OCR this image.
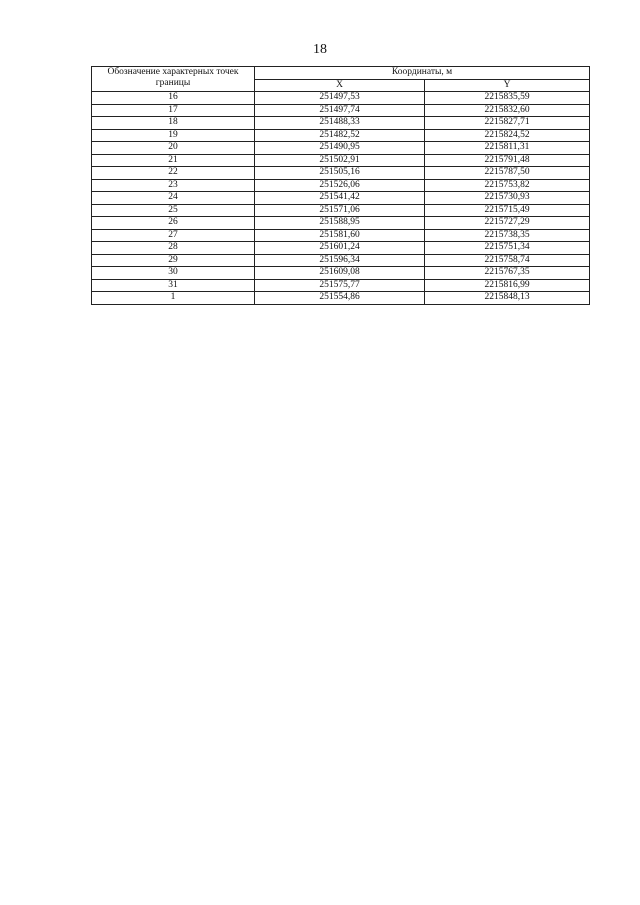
18
Обозначение характерных точек границы	Координаты, м	
	X	Y
16	251497,53	2215835,59
17	251497,74	2215832,60
18	251488,33	2215827,71
19	251482,52	2215824,52
20	251490,95	2215811,31
21	251502,91	2215791,48
22	251505,16	2215787,50
23	251526,06	2215753,82
24	251541,42	2215730,93
25	251571,06	2215715,49
26	251588,95	2215727,29
27	251581,60	2215738,35
28	251601,24	2215751,34
29	251596,34	2215758,74
30	251609,08	2215767,35
31	251575,77	2215816,99
1	251554,86	2215848,13
